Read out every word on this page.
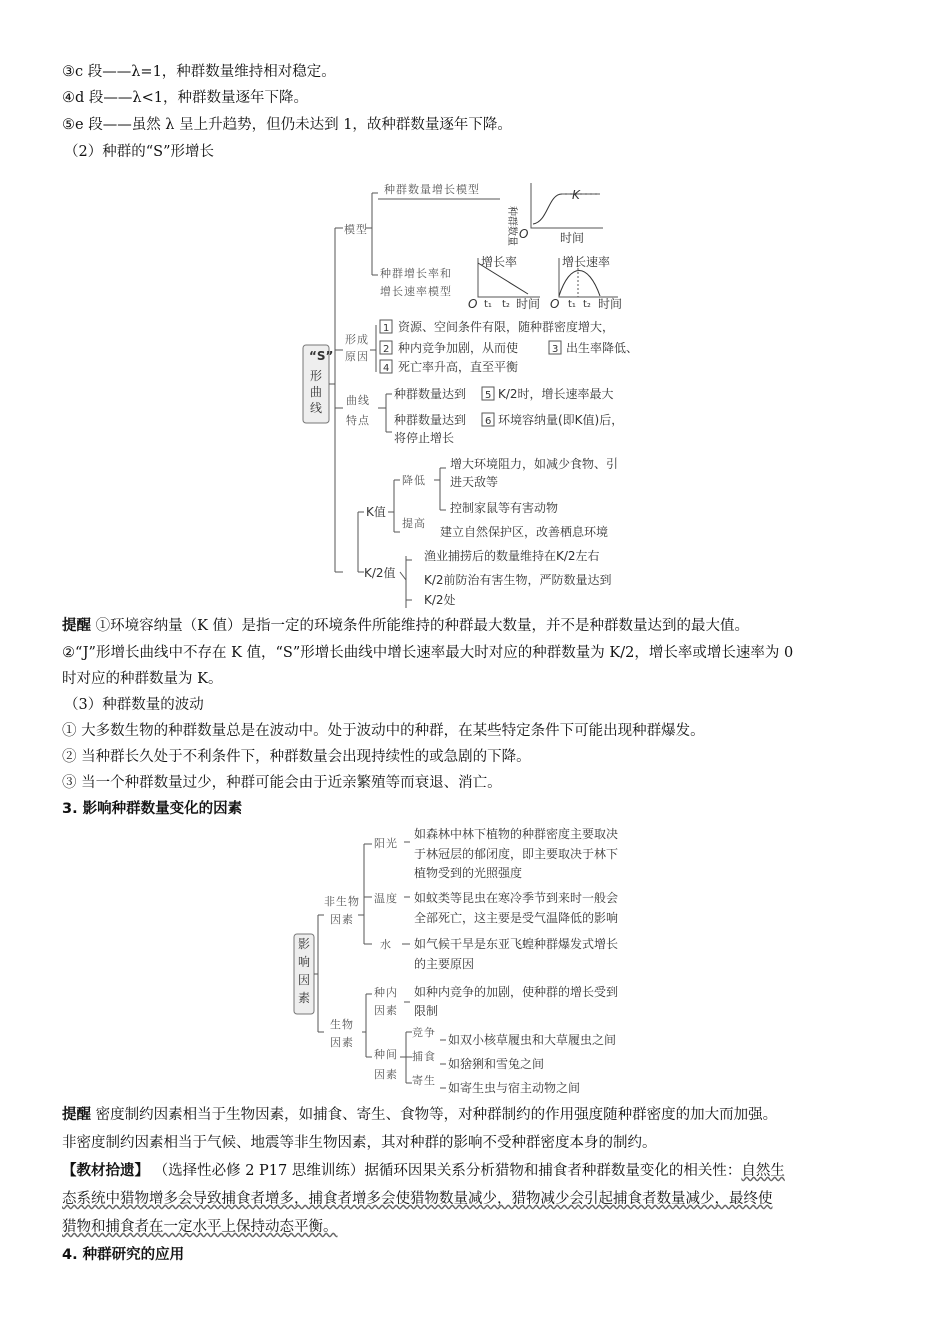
③c 段——λ=1，种群数量维持相对稳定。
④d 段——λ<1，种群数量逐年下降。
⑤e 段——虽然 λ 呈上升趋势，但仍未达到 1，故种群数量逐年下降。
（2）种群的“S”形增长
“S”
形
曲
线
模型
种群数量增长模型
种群增长率和
增长速率模型
种群数量
K
O	时间
增长率
O t₁ t₂ 时间
增长速率
O t₁ t₂ 时间
形成
原因
1
2	3
4
5
6
资源、空间条件有限，随种群密度增大，
种内竞争加剧，从而使	出生率降低、
死亡率升高，直至平衡
曲线
特点
种群数量达到	K/2时，增长速率最大
种群数量达到	环境容纳量(即K值)后，
将停止增长
K值
降低
提高
增大环境阻力，如减少食物、引
进天敌等
控制家鼠等有害动物
建立自然保护区，改善栖息环境
K/2值
渔业捕捞后的数量维持在K/2左右
K/2前防治有害生物，严防数量达到
K/2处
影
响
因
素
非生物
因素
阳光
如森林中林下植物的种群密度主要取决
于林冠层的郁闭度，即主要取决于林下
植物受到的光照强度
温度 如蚊类等昆虫在寒冷季节到来时一般会
全部死亡，这主要是受气温降低的影响
水 如气候干旱是东亚飞蝗种群爆发式增长
的主要原因
生物
因素
种内
因素
如种内竞争的加剧，使种群的增长受到
限制
种间
因素
竞争
如双小核草履虫和大草履虫之间
捕食
如猞猁和雪兔之间
寄生
如寄生虫与宿主动物之间
提醒 ①环境容纳量（K 值）是指一定的环境条件所能维持的种群最大数量，并不是种群数量达到的最大值。
②“J”形增长曲线中不存在 K 值，“S”形增长曲线中增长速率最大时对应的种群数量为 K/2，增长率或增长速率为 0
时对应的种群数量为 K。
（3）种群数量的波动
① 大多数生物的种群数量总是在波动中。处于波动中的种群，在某些特定条件下可能出现种群爆发。
② 当种群长久处于不利条件下，种群数量会出现持续性的或急剧的下降。
③ 当一个种群数量过少，种群可能会由于近亲繁殖等而衰退、消亡。
3. 影响种群数量变化的因素
提醒 密度制约因素相当于生物因素，如捕食、寄生、食物等，对种群制约的作用强度随种群密度的加大而加强。
非密度制约因素相当于气候、地震等非生物因素，其对种群的影响不受种群密度本身的制约。
【教材拾遗】 （选择性必修 2 P17 思维训练）据循环因果关系分析猎物和捕食者种群数量变化的相关性：自然生
态系统中猎物增多会导致捕食者增多，捕食者增多会使猎物数量减少，猎物减少会引起捕食者数量减少，最终使
猎物和捕食者在一定水平上保持动态平衡。
4. 种群研究的应用
